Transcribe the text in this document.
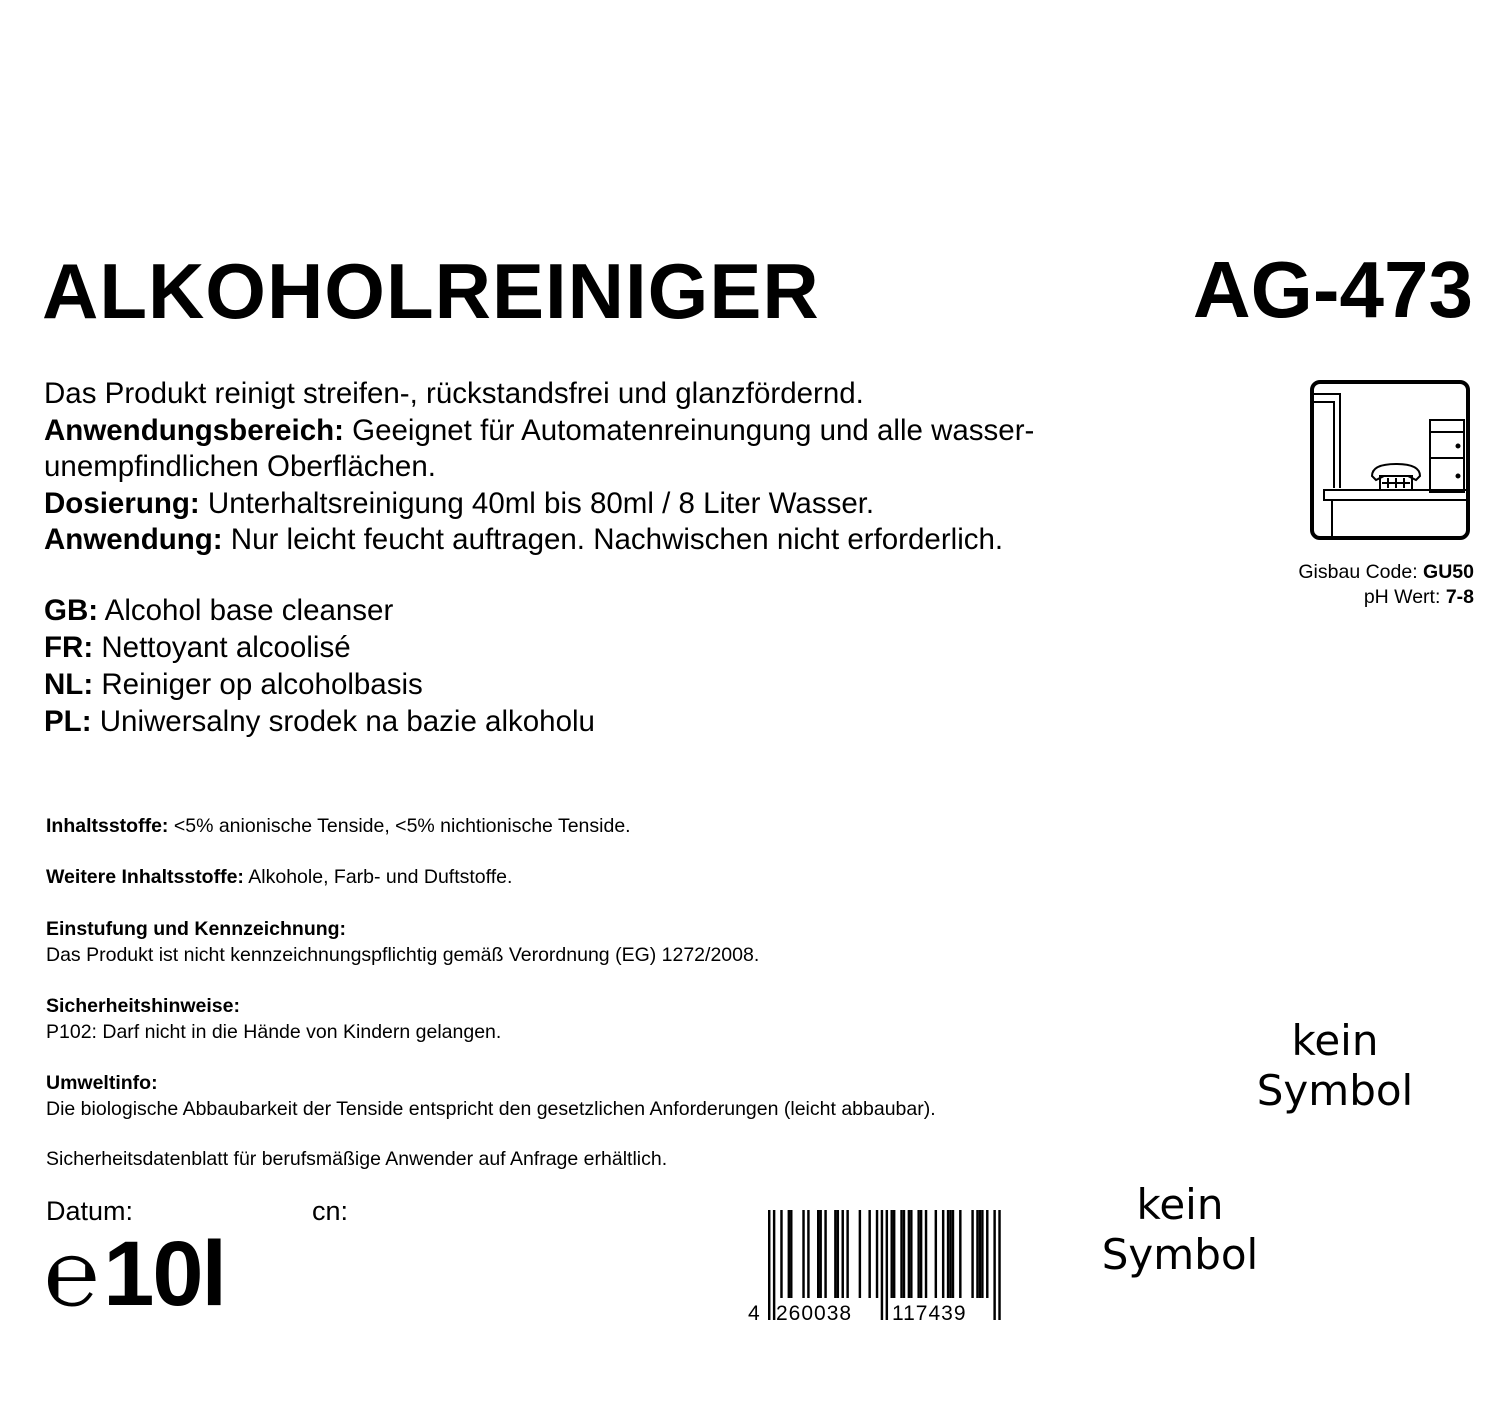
ALKOHOLREINIGER	AG-473

Das Produkt reinigt streifen-, rückstandsfrei und glanzfördernd.

Anwendungsbereich: Geeignet für Automatenreinungung und alle wasser-

unempfindlichen Oberflächen.

Dosierung: Unterhaltsreinigung 40ml bis 80ml / 8 Liter Wasser.

Anwendung: Nur leicht feucht auftragen. Nachwischen nicht erforderlich.

GB: Alcohol base cleanser

FR: Nettoyant alcoolisé

NL: Reiniger op alcoholbasis

PL: Uniwersalny srodek na bazie alkoholu

Gisbau Code: GU50
pH Wert: 7-8

Inhaltsstoffe: <5% anionische Tenside, <5% nichtionische Tenside.

Weitere Inhaltsstoffe: Alkohole, Farb- und Duftstoffe.

Einstufung und Kennzeichnung:

Das Produkt ist nicht kennzeichnungspflichtig gemäß Verordnung (EG) 1272/2008.

Sicherheitshinweise:

P102: Darf nicht in die Hände von Kindern gelangen.

Umweltinfo:

Die biologische Abbaubarkeit der Tenside entspricht den gesetzlichen Anforderungen (leicht abbaubar).

Sicherheitsdatenblatt für berufsmäßige Anwender auf Anfrage erhältlich.

kein
Symbol
kein
Symbol
Datum:	cn:
℮ 10l	4 260038 117439
